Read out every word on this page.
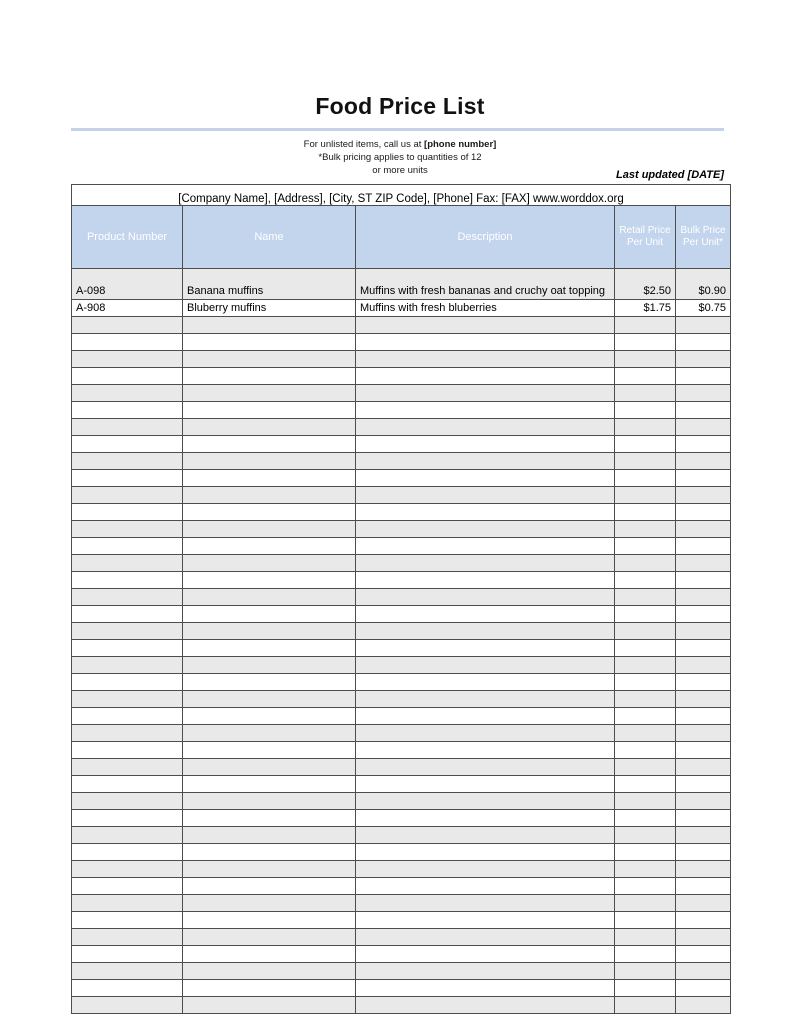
Food Price List
For unlisted items, call us at [phone number]
*Bulk pricing applies to quantities of 12
or more units	Last updated [DATE]
[Company Name], [Address], [City, ST ZIP Code], [Phone] Fax: [FAX] www.worddox.org				
Product Number	Name	Description	Retail Price Per Unit	Bulk Price Per Unit*
A-098	Banana muffins	Muffins with fresh bananas and cruchy oat topping	$2.50	$0.90
A-908	Bluberry muffins	Muffins with fresh bluberries	$1.75	$0.75
